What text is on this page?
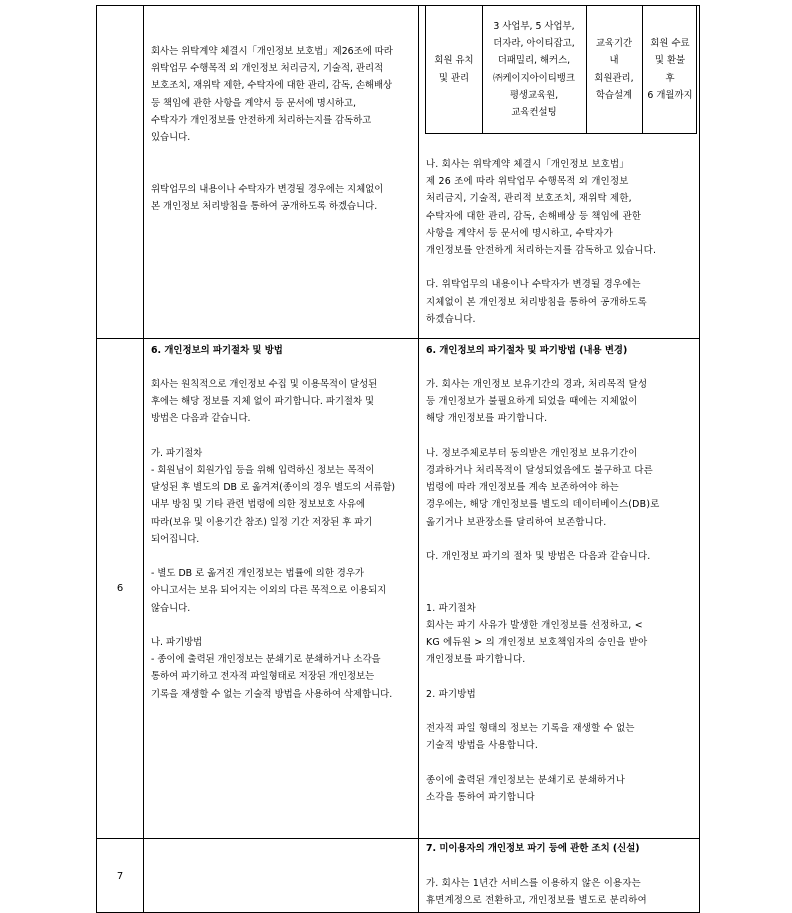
6
7

회사는 위탁계약 체결시「개인정보 보호법」제26조에 따라
위탁업무 수행목적 외 개인정보 처리금지, 기술적, 관리적
보호조치, 재위탁 제한, 수탁자에 대한 관리, 감독, 손해배상
등 책임에 관한 사항을 계약서 등 문서에 명시하고,
수탁자가 개인정보를 안전하게 처리하는지를 감독하고
있습니다.

위탁업무의 내용이나 수탁자가 변경될 경우에는 지체없이
본 개인정보 처리방침을 통하여 공개하도록 하겠습니다.

회원 유치
및 관리
3 사업부, 5 사업부,
더자라, 아이티잡고,
더패밀리, 해커스,
㈜케이지아이티뱅크
평생교육원,
교육컨설팅
교육기간
내
회원관리,
학습설계
회원 수료
및 환불
후
6 개월까지

나. 회사는 위탁계약 체결시「개인정보 보호법」
제 26 조에 따라 위탁업무 수행목적 외 개인정보
처리금지, 기술적, 관리적 보호조치, 재위탁 제한,
수탁자에 대한 관리, 감독, 손해배상 등 책임에 관한
사항을 계약서 등 문서에 명시하고, 수탁자가
개인정보를 안전하게 처리하는지를 감독하고 있습니다.

다. 위탁업무의 내용이나 수탁자가 변경될 경우에는
지체없이 본 개인정보 처리방침을 통하여 공개하도록
하겠습니다.

6. 개인정보의 파기절차 및 방법

회사는 원칙적으로 개인정보 수집 및 이용목적이 달성된
후에는 해당 정보를 지체 없이 파기합니다. 파기절차 및
방법은 다음과 같습니다.

가. 파기절차
- 회원님이 회원가입 등을 위해 입력하신 정보는 목적이
달성된 후 별도의 DB 로 옮겨져(종이의 경우 별도의 서류함)
내부 방침 및 기타 관련 법령에 의한 정보보호 사유에
따라(보유 및 이용기간 참조) 일정 기간 저장된 후 파기
되어집니다.

- 별도 DB 로 옮겨진 개인정보는 법률에 의한 경우가
아니고서는 보유 되어지는 이외의 다른 목적으로 이용되지
않습니다.

나. 파기방법
- 종이에 출력된 개인정보는 분쇄기로 분쇄하거나 소각을
통하여 파기하고 전자적 파일형태로 저장된 개인정보는
기록을 재생할 수 없는 기술적 방법을 사용하여 삭제합니다.

6. 개인정보의 파기절차 및 파기방법 (내용 변경)

가. 회사는 개인정보 보유기간의 경과, 처리목적 달성
등 개인정보가 불필요하게 되었을 때에는 지체없이
해당 개인정보를 파기합니다.

나. 정보주체로부터 동의받은 개인정보 보유기간이
경과하거나 처리목적이 달성되었음에도 불구하고 다른
법령에 따라 개인정보를 계속 보존하여야 하는
경우에는, 해당 개인정보를 별도의 데이터베이스(DB)로
옮기거나 보관장소를 달리하여 보존합니다.

다. 개인정보 파기의 절차 및 방법은 다음과 같습니다.

1. 파기절차
회사는 파기 사유가 발생한 개인정보를 선정하고, <
KG 에듀원 > 의 개인정보 보호책임자의 승인을 받아
개인정보를 파기합니다.

2. 파기방법

전자적 파일 형태의 정보는 기록을 재생할 수 없는
기술적 방법을 사용합니다.

종이에 출력된 개인정보는 분쇄기로 분쇄하거나
소각을 통하여 파기합니다

7. 미이용자의 개인정보 파기 등에 관한 조치 (신설)

가. 회사는 1년간 서비스를 이용하지 않은 이용자는
휴면계정으로 전환하고, 개인정보를 별도로 분리하여
